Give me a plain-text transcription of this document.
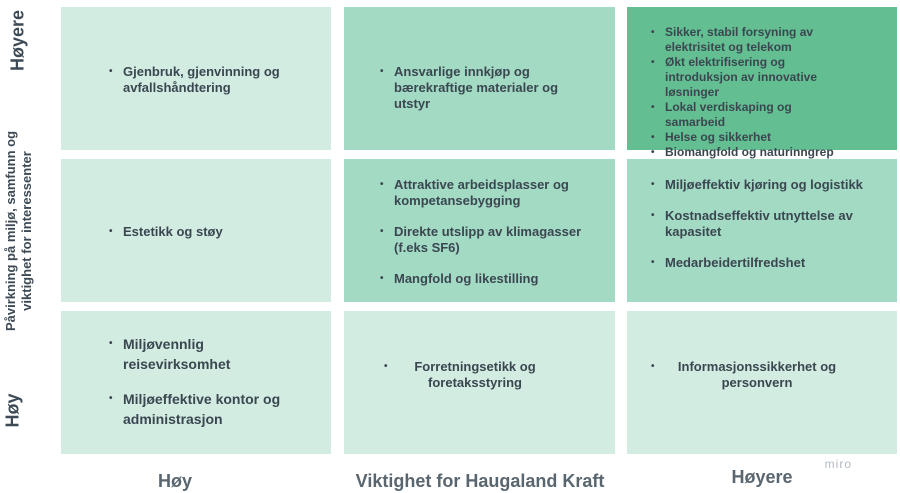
Høyere
Påvirkning på miljø, samfunn og viktighet for interessenter
Høy
• Gjenbruk, gjenvinning og avfallshåndtering
• Ansvarlige innkjøp og bærekraftige materialer og utstyr
• Sikker, stabil forsyning av elektrisitet og telekom
• Økt elektrifisering og introduksjon av innovative løsninger
• Lokal verdiskaping og samarbeid
• Helse og sikkerhet
• Biomangfold og naturinngrep
• Estetikk og støy
• Attraktive arbeidsplasser og kompetansebygging
• Direkte utslipp av klimagasser (f.eks SF6)
• Mangfold og likestilling
• Miljøeffektiv kjøring og logistikk
• Kostnadseffektiv utnyttelse av kapasitet
• Medarbeidertilfredshet
• Miljøvennlig reisevirksomhet
• Miljøeffektive kontor og administrasjon
• Forretningsetikk og foretaksstyring
• Informasjonssikkerhet og personvern
Høy	Viktighet for Haugaland Kraft	Høyere
miro
